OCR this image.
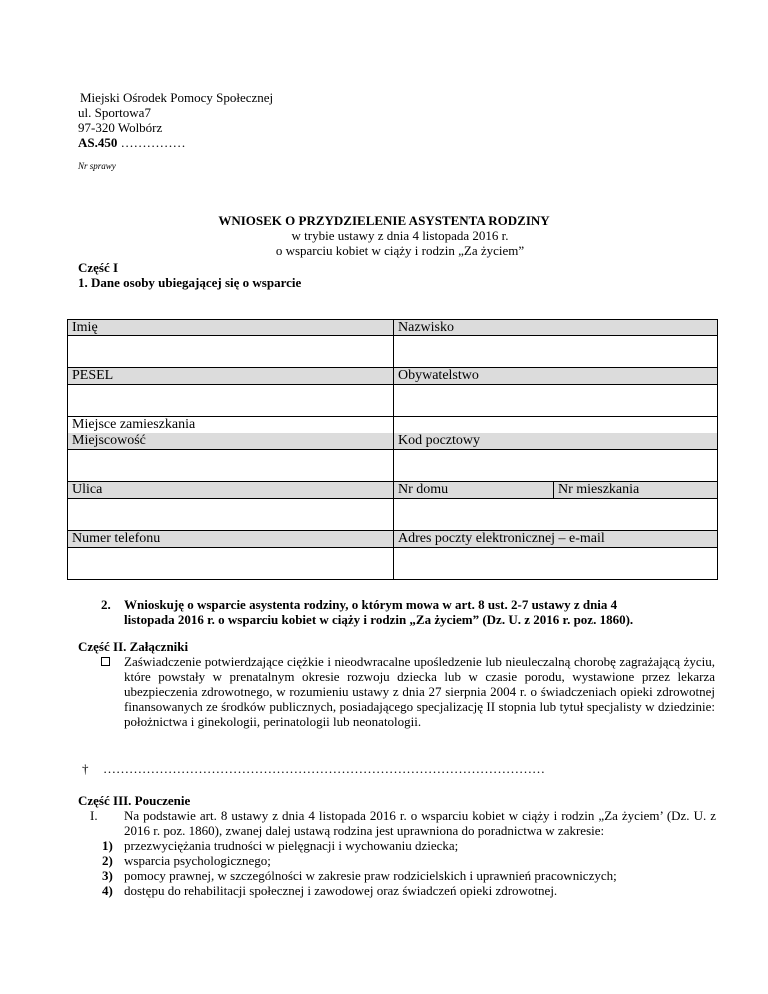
Miejski Ośrodek Pomocy Społecznej
ul. Sportowa7
97-320 Wolbórz
AS.450 ……………
Nr sprawy
WNIOSEK O PRZYDZIELENIE ASYSTENTA RODZINY
w trybie ustawy z dnia 4 listopada 2016 r.
o wsparciu kobiet w ciąży i rodzin „Za życiem”
Część I
1. Dane osoby ubiegającej się o wsparcie
Imię	Nazwisko
PESEL	Obywatelstwo
Miejsce zamieszkania
Miejscowość	Kod pocztowy
Ulica	Nr domu	Nr mieszkania
Numer telefonu	Adres poczty elektronicznej – e-mail
2. Wnioskuję o wsparcie asystenta rodziny, o którym mowa w art. 8 ust. 2-7 ustawy z dnia 4
listopada 2016 r. o wsparciu kobiet w ciąży i rodzin „Za życiem” (Dz. U. z 2016 r. poz. 1860).
Część II. Załączniki
Zaświadczenie potwierdzające ciężkie i nieodwracalne upośledzenie lub nieuleczalną chorobę zagrażającą życiu, które powstały w prenatalnym okresie rozwoju dziecka lub w czasie porodu, wystawione przez lekarza ubezpieczenia zdrowotnego, w rozumieniu ustawy z dnia 27 sierpnia 2004 r. o świadczeniach opieki zdrowotnej finansowanych ze środków publicznych, posiadającego specjalizację II stopnia lub tytuł specjalisty w dziedzinie: położnictwa i ginekologii, perinatologii lub neonatologii.
† …………………………………………………………………………………………
Część III. Pouczenie
I. Na podstawie art. 8 ustawy z dnia 4 listopada 2016 r. o wsparciu kobiet w ciąży i rodzin „Za życiem’ (Dz. U. z 2016 r. poz. 1860), zwanej dalej ustawą rodzina jest uprawniona do poradnictwa w zakresie:
1) przezwyciężania trudności w pielęgnacji i wychowaniu dziecka;
2) wsparcia psychologicznego;
3) pomocy prawnej, w szczególności w zakresie praw rodzicielskich i uprawnień pracowniczych;
4) dostępu do rehabilitacji społecznej i zawodowej oraz świadczeń opieki zdrowotnej.
